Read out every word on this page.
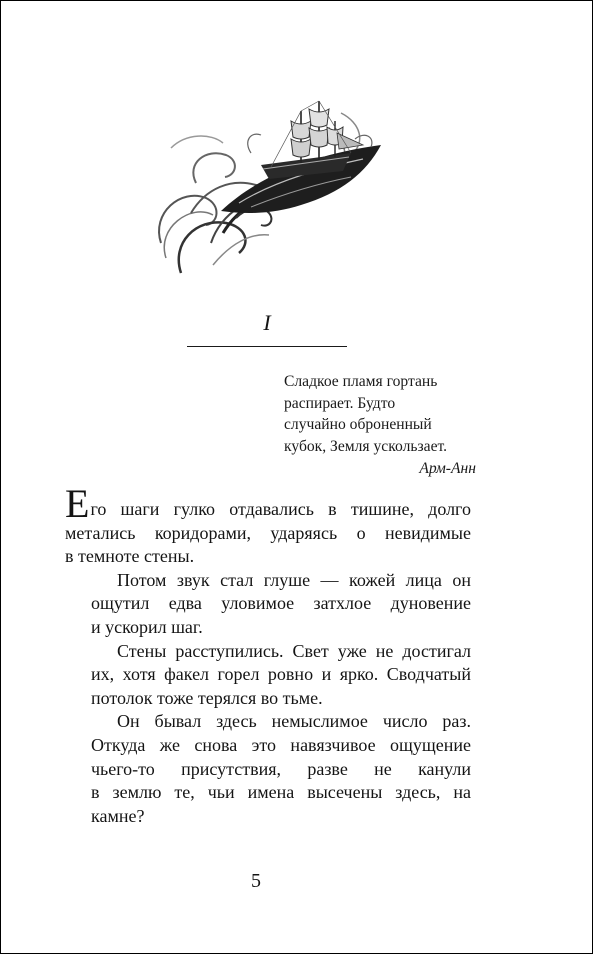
I
Сладкое пламя гортань
распирает. Будто
случайно оброненный
кубок, Земля ускользает.
Арм-Анн

Его шаги гулко отдавались в тишине, долго
метались коридорами, ударяясь о невидимые
в темноте стены.

Потом звук стал глуше — кожей лица он
ощутил едва уловимое затхлое дуновение
и ускорил шаг.

Стены расступились. Свет уже не достигал
их, хотя факел горел ровно и ярко. Сводчатый
потолок тоже терялся во тьме.

Он бывал здесь немыслимое число раз.
Откуда же снова это навязчивое ощущение
чьего-то присутствия, разве не канули
в землю те, чьи имена высечены здесь, на
камне?

5
